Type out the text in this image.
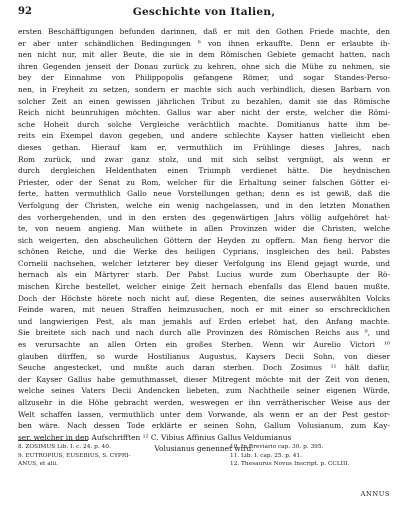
92	Geschichte von Italien,
ersten Beschäfftigungen befunden darinnen, daß er mit den Gothen Friede machte, den
er aber unter schändlichen Bedingungen ⁸ von ihnen erkauffte. Denn er erlaubte ih-
nen nicht nur, mit aller Beute, die sie in dem Römischen Gebiete gemacht hatten, nach
ihren Gegenden jenseit der Donau zurück zu kehren, ohne sich die Mühe zu nehmen, sie
bey der Einnahme von Philippopolis gefangene Römer, und sogar Standes-Perso-
nen, in Freyheit zu setzen, sondern er machte sich auch verbindlich, diesen Barbarn von
solcher Zeit an einen gewissen jährlichen Tribut zu bezahlen, damit sie das Römische
Reich nicht beunruhigen möchten. Gallus war aber nicht der erste, welcher die Römi-
sche Hoheit durch solche Vergleiche verächtlich machte. Domitianus hatte ihm be-
reits ein Exempel davon gegeben, und andere schlechte Kayser hatten vielleicht eben
dieses gethan. Hierauf kam er, vermuthlich im Frühlinge dieses Jahres, nach
Rom zurück, und zwar ganz stolz, und mit sich selbst vergnügt, als wenn er
durch dergleichen Heldenthaten einen Triumph verdienet hätte. Die heydnischen
Priester, oder der Senat zu Rom, welcher für die Erhaltung seiner falschen Götter ei-
ferte, hatten vermuthlich Gallo neue Vorstellungen gethan; denn es ist gewiß, daß die
Verfolgung der Christen, welche ein wenig nachgelassen, und in den letzten Monathen
des vorhergehenden, und in den ersten des gegenwärtigen Jahrs völlig aufgehöret hat-
te, von neuem angieng. Man wüthete in allen Provinzen wider die Christen, welche
sich weigerten, den abscheulichen Göttern der Heyden zu opffern. Man fieng hervor die
schönen Reiche, und die Werke des heiligen Cyprians, insgleichen des heil. Pabstes
Cornelii nachsehen, welcher letzterer bey dieser Verfolgung ins Elend gejagt wurde, und
hernach als ein Märtyrer starb. Der Pabst Lucius wurde zum Oberhaupte der Rö-
mischen Kirche bestellet, welcher einige Zeit hernach ebenfalls das Elend bauen mußte.
Doch der Höchste hörete noch nicht auf, diese Regenten, die seines auserwählten Volcks
Feinde waren, mit neuen Straffen heimzusuchen, noch er mit einer so erschrecklichen
und langwierigen Pest, als man jemahls auf Erden erlebet hat, den Anfang machte.
Sie breitete sich nach und nach durch alle Provinzen des Römischen Reichs aus ⁹, und
es verursachte an allen Orten ein großes Sterben. Wenn wir Aurelio Victori ¹⁰
glauben dürffen, so wurde Hostilianus Augustus, Kaysers Decii Sohn, von dieser
Seuche angestecket, und mußte auch daran sterben. Doch Zosimus ¹¹ hält dafür,
der Kayser Gallus habe gemuthmasset, dieser Mitregent möchte mit der Zeit von denen,
welche seines Vaters Decii Andencken liebeten, zum Nachtheile seiner eigenen Würde,
allzusehr in die Höhe gebracht werden, weswegen er ihn verrätherischer Weise aus der
Welt schaffen lassen, vermuthlich unter dem Vorwande, als wenn er an der Pest gestor-
ben wäre. Nach dessen Tode erklärte er seinen Sohn, Gallum Volusianum, zum Kay-
ser, welcher in den Aufschrifften ¹² C. Vibius Affinius Gallus Veldumianus
Volusianus genennet wird.
8. ZOSIMUS Lib. I. c. 24. p. 40.
9. EUTROPIUS, EUSEBIUS, S. CYPRI-
ANUS, et alii.
10. In Breviario cap. 30. p. 395.
11. Lib. I. cap. 25. p. 41.
12. Thesaurus Novus Inscript. p. CCLIII.
ANNUS
